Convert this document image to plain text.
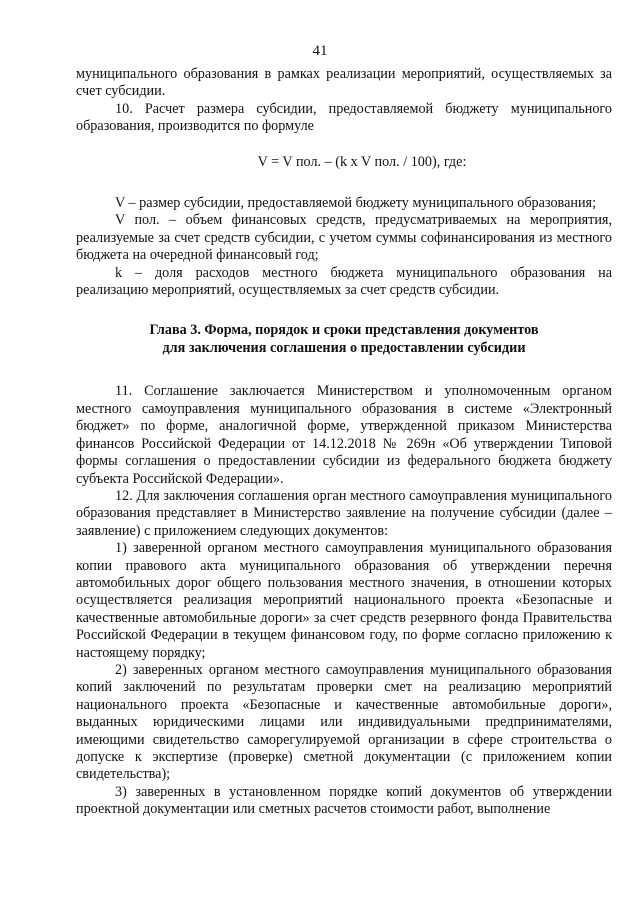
41

муниципального образования в рамках реализации мероприятий, осуществляемых за счет субсидии.

10. Расчет размера субсидии, предоставляемой бюджету муниципального образования, производится по формуле

V = V пол. – (k x V пол. / 100), где:

V – размер субсидии, предоставляемой бюджету муниципального образования;

V пол. – объем финансовых средств, предусматриваемых на мероприятия, реализуемые за счет средств субсидии, с учетом суммы софинансирования из местного бюджета на очередной финансовый год;

k – доля расходов местного бюджета муниципального образования на реализацию мероприятий, осуществляемых за счет средств субсидии.

Глава 3. Форма, порядок и сроки представления документов
для заключения соглашения о предоставлении субсидии

11. Соглашение заключается Министерством и уполномоченным органом местного самоуправления муниципального образования в системе «Электронный бюджет» по форме, аналогичной форме, утвержденной приказом Министерства финансов Российской Федерации от 14.12.2018 № 269н «Об утверждении Типовой формы соглашения о предоставлении субсидии из федерального бюджета бюджету субъекта Российской Федерации».

12. Для заключения соглашения орган местного самоуправления муниципального образования представляет в Министерство заявление на получение субсидии (далее – заявление) с приложением следующих документов:

1) заверенной органом местного самоуправления муниципального образования копии правового акта муниципального образования об утверждении перечня автомобильных дорог общего пользования местного значения, в отношении которых осуществляется реализация мероприятий национального проекта «Безопасные и качественные автомобильные дороги» за счет средств резервного фонда Правительства Российской Федерации в текущем финансовом году, по форме согласно приложению к настоящему порядку;

2) заверенных органом местного самоуправления муниципального образования копий заключений по результатам проверки смет на реализацию мероприятий национального проекта «Безопасные и качественные автомобильные дороги», выданных юридическими лицами или индивидуальными предпринимателями, имеющими свидетельство саморегулируемой организации в сфере строительства о допуске к экспертизе (проверке) сметной документации (с приложением копии свидетельства);

3) заверенных в установленном порядке копий документов об утверждении проектной документации или сметных расчетов стоимости работ, выполнение
